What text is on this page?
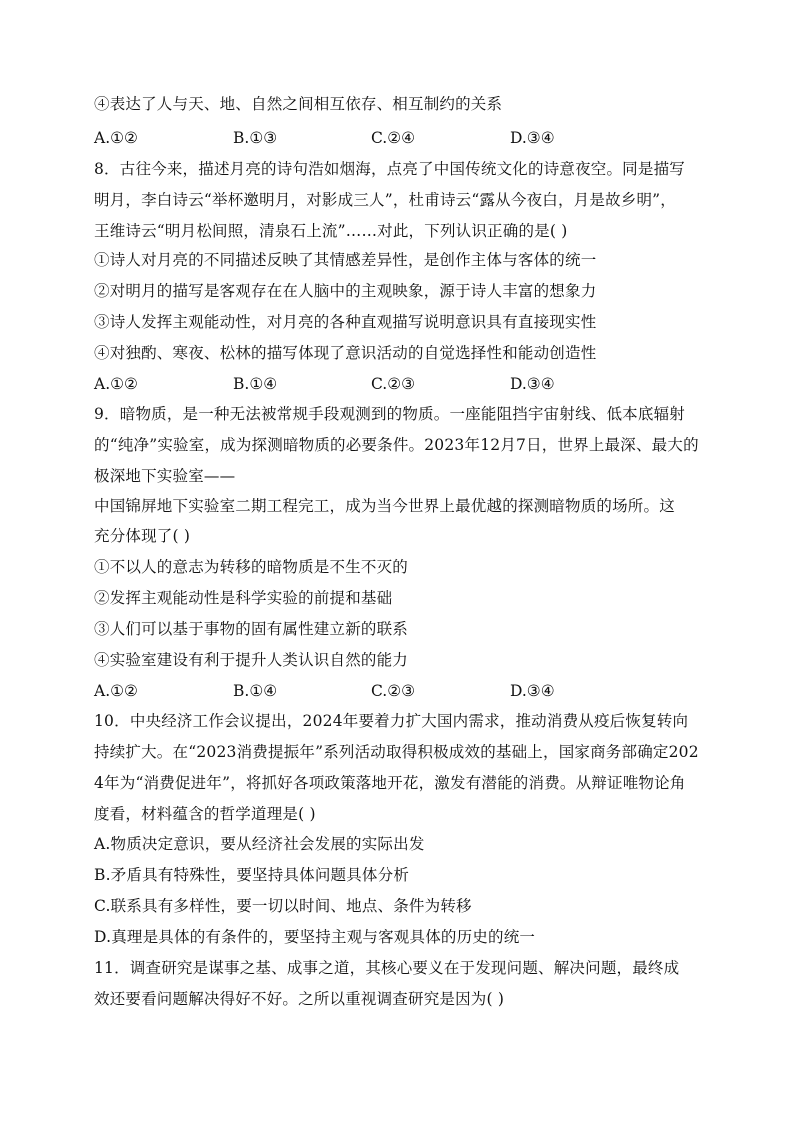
④表达了人与天、地、自然之间相互依存、相互制约的关系
A.①②	B.①③	C.②④	D.③④
8．古往今来，描述月亮的诗句浩如烟海，点亮了中国传统文化的诗意夜空。同是描写
明月，李白诗云“举杯邀明月，对影成三人”，杜甫诗云“露从今夜白，月是故乡明”，
王维诗云“明月松间照，清泉石上流”……对此，下列认识正确的是( )
①诗人对月亮的不同描述反映了其情感差异性，是创作主体与客体的统一
②对明月的描写是客观存在在人脑中的主观映象，源于诗人丰富的想象力
③诗人发挥主观能动性，对月亮的各种直观描写说明意识具有直接现实性
④对独酌、寒夜、松林的描写体现了意识活动的自觉选择性和能动创造性
A.①②	B.①④	C.②③	D.③④
9．暗物质，是一种无法被常规手段观测到的物质。一座能阻挡宇宙射线、低本底辐射
的“纯净”实验室，成为探测暗物质的必要条件。2023年12月7日，世界上最深、最大的
极深地下实验室——
中国锦屏地下实验室二期工程完工，成为当今世界上最优越的探测暗物质的场所。这
充分体现了( )
①不以人的意志为转移的暗物质是不生不灭的
②发挥主观能动性是科学实验的前提和基础
③人们可以基于事物的固有属性建立新的联系
④实验室建设有利于提升人类认识自然的能力
A.①②	B.①④	C.②③	D.③④
10．中央经济工作会议提出，2024年要着力扩大国内需求，推动消费从疫后恢复转向
持续扩大。在“2023消费提振年”系列活动取得积极成效的基础上，国家商务部确定202
4年为“消费促进年”，将抓好各项政策落地开花，激发有潜能的消费。从辩证唯物论角
度看，材料蕴含的哲学道理是( )
A.物质决定意识，要从经济社会发展的实际出发
B.矛盾具有特殊性，要坚持具体问题具体分析
C.联系具有多样性，要一切以时间、地点、条件为转移
D.真理是具体的有条件的，要坚持主观与客观具体的历史的统一
11．调查研究是谋事之基、成事之道，其核心要义在于发现问题、解决问题，最终成
效还要看问题解决得好不好。之所以重视调查研究是因为( )
